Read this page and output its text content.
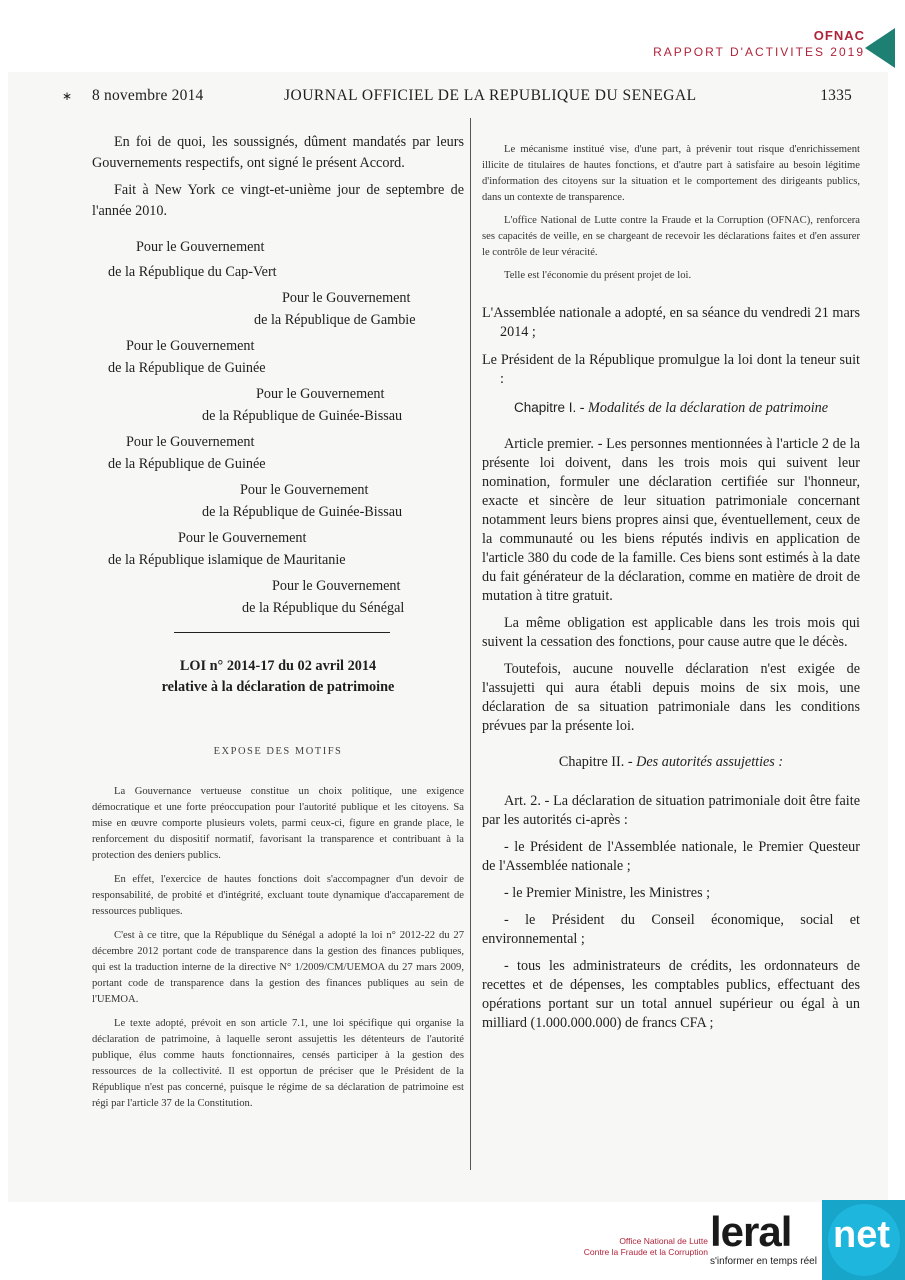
OFNAC
RAPPORT D'ACTIVITES 2019
∗ 8 novembre 2014	JOURNAL OFFICIEL DE LA REPUBLIQUE DU SENEGAL	1335

En foi de quoi, les soussignés, dûment mandatés par leurs Gouvernements respectifs, ont signé le présent Accord.

Fait à New York ce vingt-et-unième jour de septembre de l'année 2010.

Pour le Gouvernement
de la République du Cap-Vert
Pour le Gouvernement
de la République de Gambie
Pour le Gouvernement
de la République de Guinée
Pour le Gouvernement
de la République de Guinée-Bissau
Pour le Gouvernement
de la République de Guinée
Pour le Gouvernement
de la République de Guinée-Bissau
Pour le Gouvernement
de la République islamique de Mauritanie
Pour le Gouvernement
de la République du Sénégal
LOI n° 2014-17 du 02 avril 2014
relative à la déclaration de patrimoine
EXPOSE DES MOTIFS

La Gouvernance vertueuse constitue un choix politique, une exigence démocratique et une forte préoccupation pour l'autorité publique et les citoyens. Sa mise en œuvre comporte plusieurs volets, parmi ceux-ci, figure en grande place, le renforcement du dispositif normatif, favorisant la transparence et contribuant à la protection des deniers publics.

En effet, l'exercice de hautes fonctions doit s'accompagner d'un devoir de responsabilité, de probité et d'intégrité, excluant toute dynamique d'accaparement de ressources publiques.

C'est à ce titre, que la République du Sénégal a adopté la loi n° 2012-22 du 27 décembre 2012 portant code de transparence dans la gestion des finances publiques, qui est la traduction interne de la directive N° 1/2009/CM/UEMOA du 27 mars 2009, portant code de transparence dans la gestion des finances publiques au sein de l'UEMOA.

Le texte adopté, prévoit en son article 7.1, une loi spécifique qui organise la déclaration de patrimoine, à laquelle seront assujettis les détenteurs de l'autorité publique, élus comme hauts fonctionnaires, censés participer à la gestion des ressources de la collectivité. Il est opportun de préciser que le Président de la République n'est pas concerné, puisque le régime de sa déclaration de patrimoine est régi par l'article 37 de la Constitution.

Le mécanisme institué vise, d'une part, à prévenir tout risque d'enrichissement illicite de titulaires de hautes fonctions, et d'autre part à satisfaire au besoin légitime d'information des citoyens sur la situation et le comportement des dirigeants publics, dans un contexte de transparence.

L'office National de Lutte contre la Fraude et la Corruption (OFNAC), renforcera ses capacités de veille, en se chargeant de recevoir les déclarations faites et d'en assurer le contrôle de leur véracité.

Telle est l'économie du présent projet de loi.

L'Assemblée nationale a adopté, en sa séance du vendredi 21 mars 2014 ;

Le Président de la République promulgue la loi dont la teneur suit :

Chapitre I. - Modalités de la déclaration de patrimoine

Article premier. - Les personnes mentionnées à l'article 2 de la présente loi doivent, dans les trois mois qui suivent leur nomination, formuler une déclaration certifiée sur l'honneur, exacte et sincère de leur situation patrimoniale concernant notamment leurs biens propres ainsi que, éventuellement, ceux de la communauté ou les biens réputés indivis en application de l'article 380 du code de la famille. Ces biens sont estimés à la date du fait générateur de la déclaration, comme en matière de droit de mutation à titre gratuit.

La même obligation est applicable dans les trois mois qui suivent la cessation des fonctions, pour cause autre que le décès.

Toutefois, aucune nouvelle déclaration n'est exigée de l'assujetti qui aura établi depuis moins de six mois, une déclaration de sa situation patrimoniale dans les conditions prévues par la présente loi.

Chapitre II. - Des autorités assujetties :

Art. 2. - La déclaration de situation patrimoniale doit être faite par les autorités ci-après :

- le Président de l'Assemblée nationale, le Premier Questeur de l'Assemblée nationale ;

- le Premier Ministre, les Ministres ;

- le Président du Conseil économique, social et environnemental ;

- tous les administrateurs de crédits, les ordonnateurs de recettes et de dépenses, les comptables publics, effectuant des opérations portant sur un total annuel supérieur ou égal à un milliard (1.000.000.000) de francs CFA ;

Office National de Lutte
Contre la Fraude et la Corruption leral
s'informer en temps réel
net
